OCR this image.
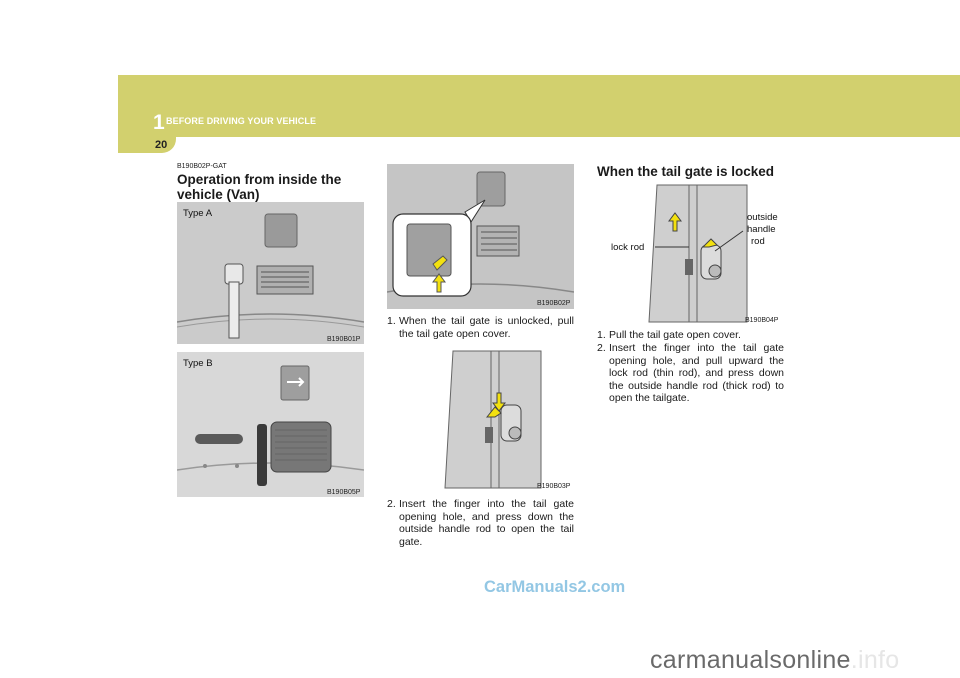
1 BEFORE DRIVING YOUR VEHICLE
20
B190B02P-GAT
Operation from inside the
vehicle (Van)
Type A
B190B01P
Type B
B190B05P
B190B02P
1. When the tail gate is unlocked, pull the tail gate open cover.
B190B03P
2. Insert the finger into the tail gate opening hole, and press down the outside handle rod to open the tail gate.
When the tail gate is locked
lock rod
outside
handle
rod
B190B04P
1. Pull the tail gate open cover.
2. Insert the finger into the tail gate opening hole, and pull upward the lock rod (thin rod), and press down the outside handle rod (thick rod) to open the tailgate.
CarManuals2.com
carmanualsonline.info
